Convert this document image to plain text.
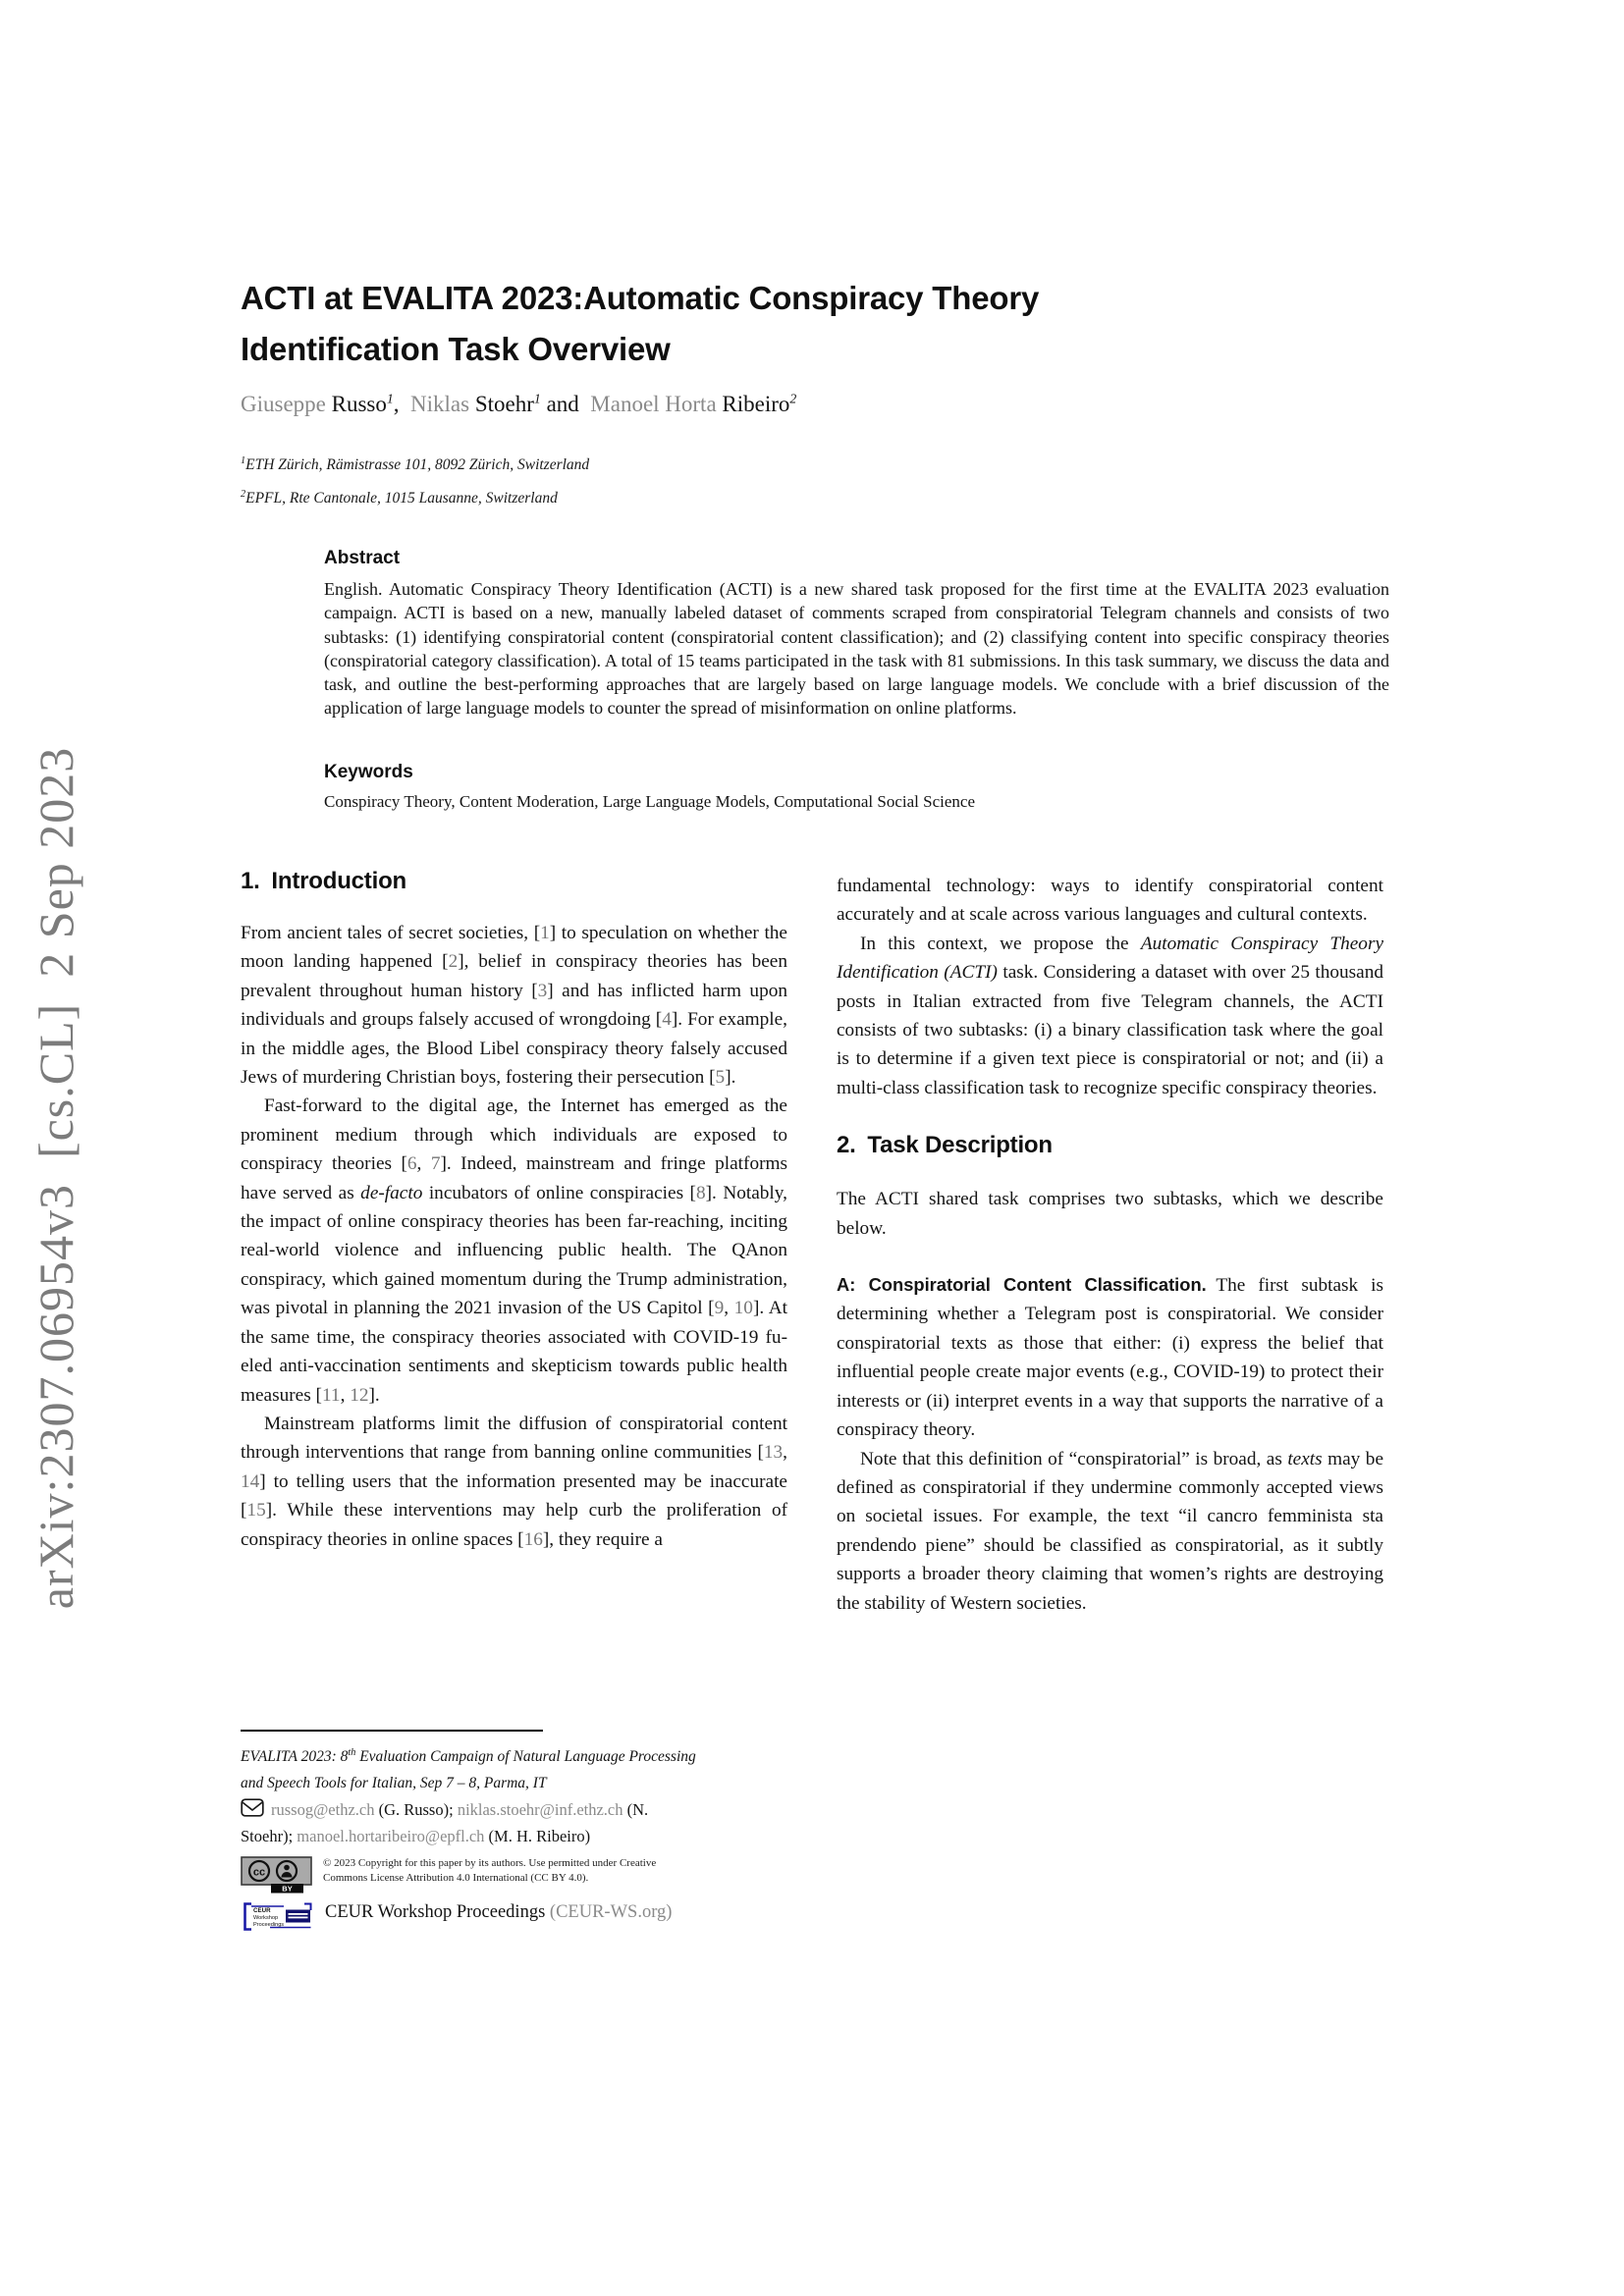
arXiv:2307.06954v3 [cs.CL] 2 Sep 2023
ACTI at EVALITA 2023:Automatic Conspiracy Theory Identification Task Overview
Giuseppe Russo$^1$, Niklas Stoehr$^1$ and Manoel Horta Ribeiro$^2$
$^1$ETH Zürich, Rämistrasse 101, 8092 Zürich, Switzerland
$^2$EPFL, Rte Cantonale, 1015 Lausanne, Switzerland
Abstract

English. Automatic Conspiracy Theory Identification (ACTI) is a new shared task proposed for the first time at the EVALITA 2023 evaluation campaign. ACTI is based on a new, manually labeled dataset of comments scraped from conspiratorial Telegram channels and consists of two subtasks: (1) identifying conspiratorial content (conspiratorial content classification); and (2) classifying content into specific conspiracy theories (conspiratorial category classification). A total of 15 teams participated in the task with 81 submissions. In this task summary, we discuss the data and task, and outline the best-performing approaches that are largely based on large language models. We conclude with a brief discussion of the application of large language models to counter the spread of misinformation on online platforms.

Keywords

Conspiracy Theory, Content Moderation, Large Language Models, Computational Social Science

1. Introduction

From ancient tales of secret societies, [1] to speculation on whether the moon landing happened [2], belief in conspiracy theories has been prevalent throughout human history [3] and has inflicted harm upon individuals and groups falsely accused of wrongdoing [4]. For example, in the middle ages, the Blood Libel conspiracy theory falsely accused Jews of murdering Christian boys, fostering their persecution [5].

Fast-forward to the digital age, the Internet has emerged as the prominent medium through which individuals are exposed to conspiracy theories [6, 7]. Indeed, mainstream and fringe platforms have served as de-facto incubators of online conspiracies [8]. Notably, the impact of online conspiracy theories has been far-reaching, inciting real-world violence and influencing public health. The QAnon conspiracy, which gained momentum during the Trump administration, was pivotal in planning the 2021 invasion of the US Capitol [9, 10]. At the same time, the conspiracy theories associated with COVID-19 fueled anti-vaccination sentiments and skepticism towards public health measures [11, 12].

Mainstream platforms limit the diffusion of conspiratorial content through interventions that range from banning online communities [13, 14] to telling users that the information presented may be inaccurate [15]. While these interventions may help curb the proliferation of conspiracy theories in online spaces [16], they require a

fundamental technology: ways to identify conspiratorial content accurately and at scale across various languages and cultural contexts.

In this context, we propose the Automatic Conspiracy Theory Identification (ACTI) task. Considering a dataset with over 25 thousand posts in Italian extracted from five Telegram channels, the ACTI consists of two subtasks: (i) a binary classification task where the goal is to determine if a given text piece is conspiratorial or not; and (ii) a multi-class classification task to recognize specific conspiracy theories.

2. Task Description

The ACTI shared task comprises two subtasks, which we describe below.

A: Conspiratorial Content Classification. The first subtask is determining whether a Telegram post is conspiratorial. We consider conspiratorial texts as those that either: (i) express the belief that influential people create major events (e.g., COVID-19) to protect their interests or (ii) interpret events in a way that supports the narrative of a conspiracy theory.

Note that this definition of “conspiratorial” is broad, as texts may be defined as conspiratorial if they undermine commonly accepted views on societal issues. For example, the text “il cancro femminista sta prendendo piene” should be classified as conspiratorial, as it subtly supports a broader theory claiming that women’s rights are destroying the stability of Western societies.

EVALITA 2023: 8th Evaluation Campaign of Natural Language Processing and Speech Tools for Italian, Sep 7 – 8, Parma, IT
russog@ethz.ch (G. Russo); niklas.stoehr@inf.ethz.ch (N. Stoehr); manoel.hortaribeiro@epfl.ch (M. H. Ribeiro)
cc
BY
© 2023 Copyright for this paper by its authors. Use permitted under Creative Commons License Attribution 4.0 International (CC BY 4.0).
CEUR
Workshop
Proceedings
CEUR Workshop Proceedings (CEUR-WS.org)
